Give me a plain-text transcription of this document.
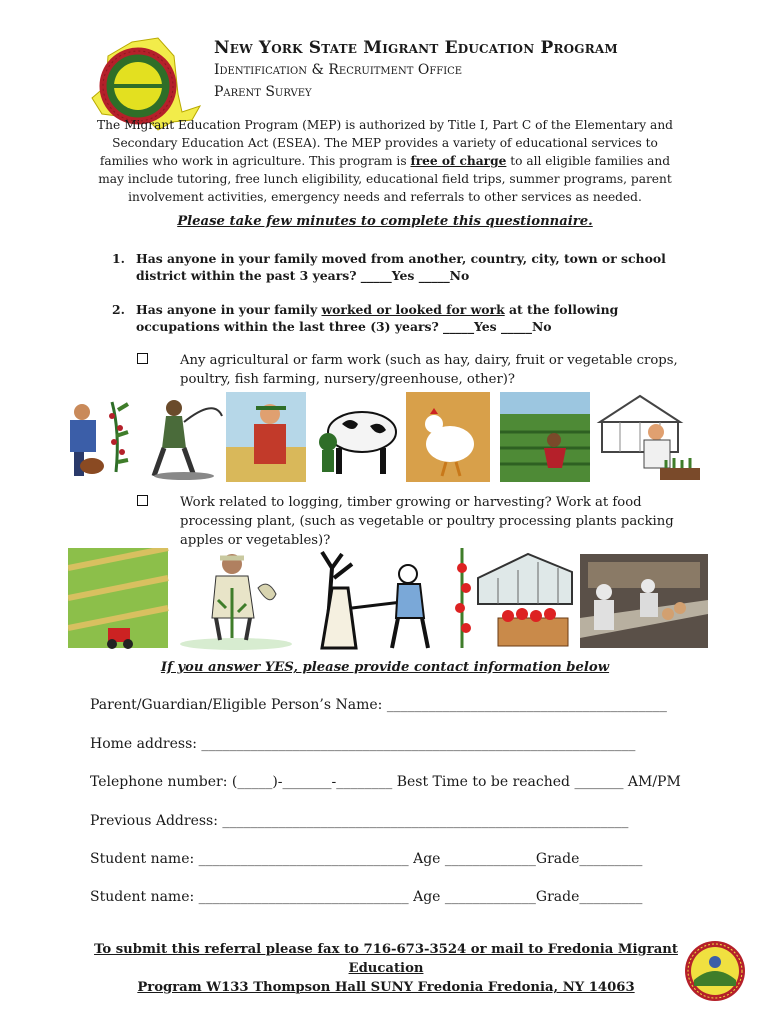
New York State Migrant Education Program
Identification & Recruitment Office
Parent Survey
The Migrant Education Program (MEP) is authorized by Title I, Part C of the Elementary and Secondary Education Act (ESEA). The MEP provides a variety of educational services to families who work in agriculture. This program is free of charge to all eligible families and may include tutoring, free lunch eligibility, educational field trips, summer programs, parent involvement activities, emergency needs and referrals to other services as needed.
Please take few minutes to complete this questionnaire.
1. Has anyone in your family moved from another, country, city, town or school district within the past 3 years? _____Yes _____No
2. Has anyone in your family worked or looked for work at the following occupations within the last three (3) years? _____Yes _____No
Any agricultural or farm work (such as hay, dairy, fruit or vegetable crops, poultry, fish farming, nursery/greenhouse, other)?
Work related to logging, timber growing or harvesting? Work at food processing plant, (such as vegetable or poultry processing plants packing apples or vegetables)?
If you answer YES, please provide contact information below
Parent/Guardian/Eligible Person’s Name: ________________________________________
Home address: ______________________________________________________________
Telephone number: (_____)-_______-________ Best Time to be reached _______ AM/PM
Previous Address: __________________________________________________________
Student name: ______________________________ Age _____________Grade_________
Student name: ______________________________ Age _____________Grade_________
To submit this referral please fax to 716-673-3524 or mail to Fredonia Migrant Education
Program W133 Thompson Hall SUNY Fredonia Fredonia, NY 14063
